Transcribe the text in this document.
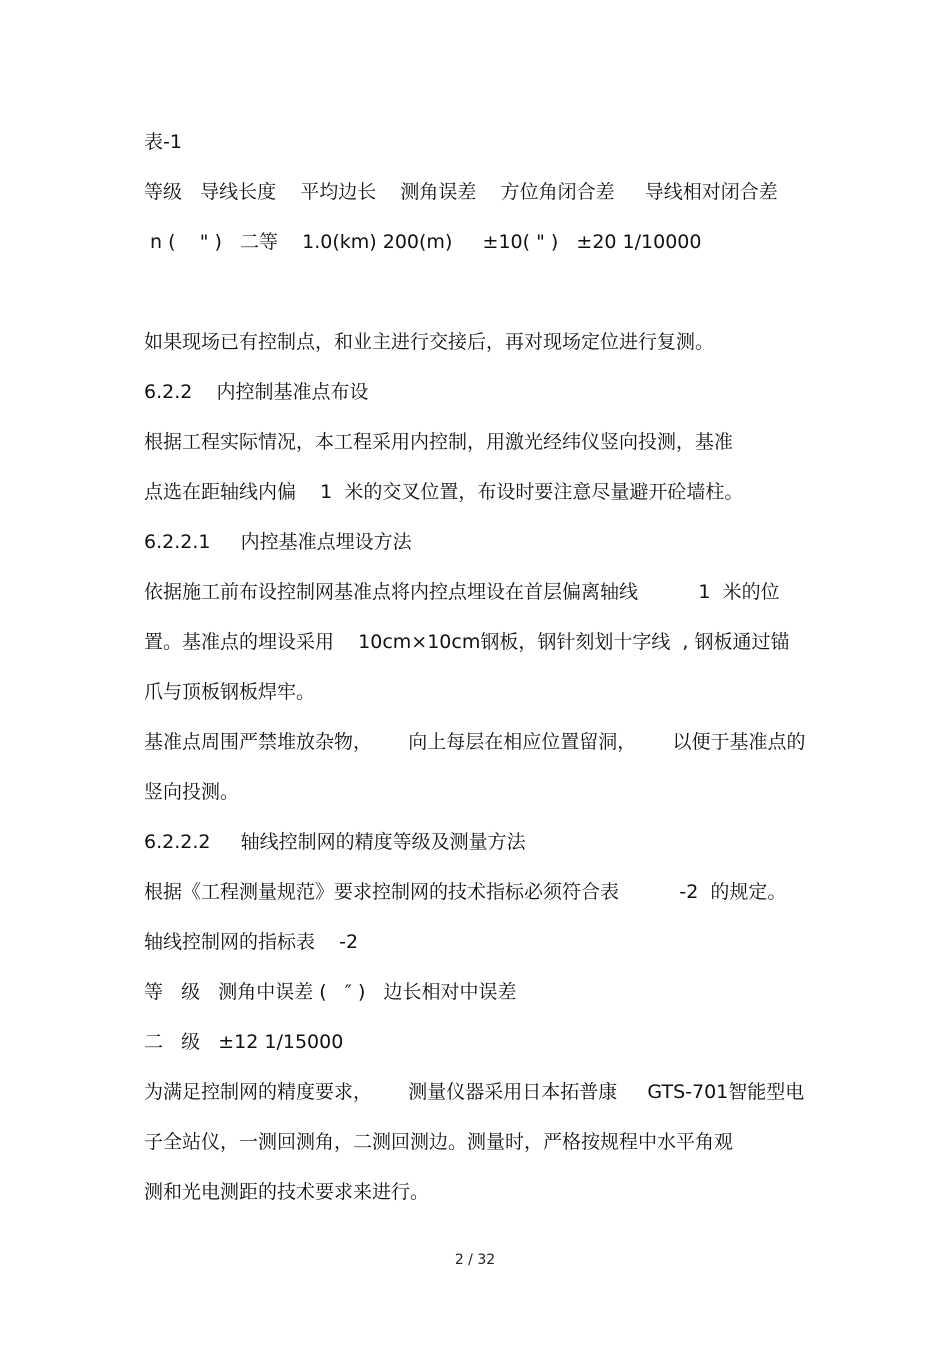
表-1
等级   导线长度    平均边长    测角误差    方位角闭合差     导线相对闭合差
n (    " )   二等    1.0(km) 200(m)     ±10( " )   ±20 1/10000
如果现场已有控制点，和业主进行交接后，再对现场定位进行复测。
6.2.2    内控制基准点布设
根据工程实际情况，本工程采用内控制，用激光经纬仪竖向投测，基准
点选在距轴线内偏    1  米的交叉位置，布设时要注意尽量避开砼墙柱。
6.2.2.1     内控基准点埋设方法
依据施工前布设控制网基准点将内控点埋设在首层偏离轴线          1  米的位
置。基准点的埋设采用    10cm×10cm钢板，钢针刻划十字线  , 钢板通过锚
爪与顶板钢板焊牢。
基准点周围严禁堆放杂物，      向上每层在相应位置留洞，      以便于基准点的
竖向投测。
6.2.2.2     轴线控制网的精度等级及测量方法
根据《工程测量规范》要求控制网的技术指标必须符合表          -2  的规定。
轴线控制网的指标表    -2
等   级   测角中误差 (   ″ )   边长相对中误差
二   级   ±12 1/15000
为满足控制网的精度要求，      测量仪器采用日本拓普康     GTS-701智能型电
子全站仪，一测回测角，二测回测边。测量时，严格按规程中水平角观
测和光电测距的技术要求来进行。
2 / 32
